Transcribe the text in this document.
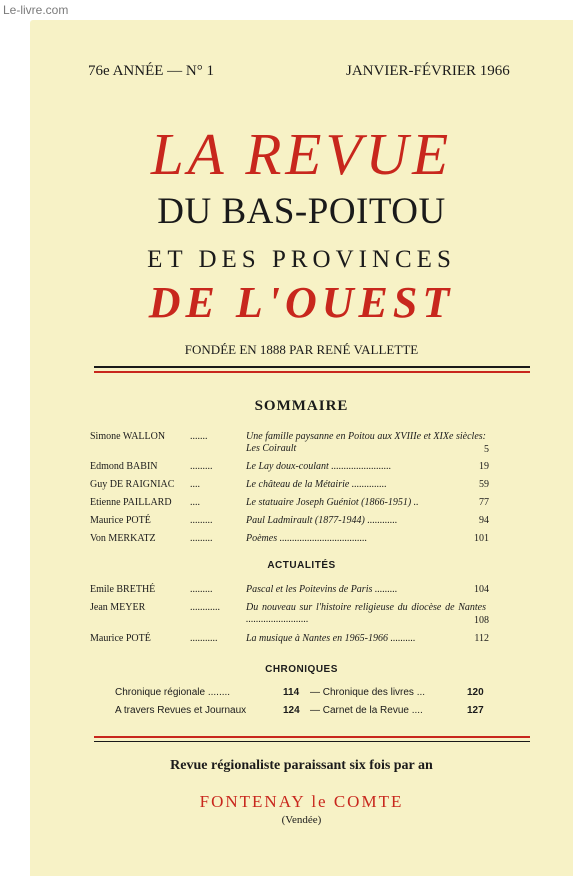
Le-livre.com
76e ANNÉE — N° 1	JANVIER-FÉVRIER 1966
LA REVUE
DU BAS-POITOU
ET DES PROVINCES
DE L'OUEST
FONDÉE EN 1888 PAR RENÉ VALLETTE
SOMMAIRE
Simone WALLON .......	Une famille paysanne en Poitou aux XVIIIe et XIXe siècles: Les Coirault	5
Edmond BABIN	.........	Le Lay doux-coulant ........................	19
Guy DE RAIGNIAC ....	Le château de la Métairie ..............	59
Etienne PAILLARD ....	Le statuaire Joseph Guéniot (1866-1951) ..	77
Maurice POTÉ	.........	Paul Ladmirault (1877-1944) ............	94
Von MERKATZ	.........	Poèmes ...................................	101
ACTUALITÉS
Emile BRETHÉ	.........	Pascal et les Poitevins de Paris .........	104
Jean MEYER	............	Du nouveau sur l'histoire religieuse du diocèse de Nantes .........................	108
Maurice POTÉ	...........	La musique à Nantes en 1965-1966 ..........	112
CHRONIQUES
Chronique régionale ........	114 — Chronique des livres ...	120
A travers Revues et Journaux	124 — Carnet de la Revue ....	127
Revue régionaliste paraissant six fois par an
FONTENAY le COMTE
(Vendée)
